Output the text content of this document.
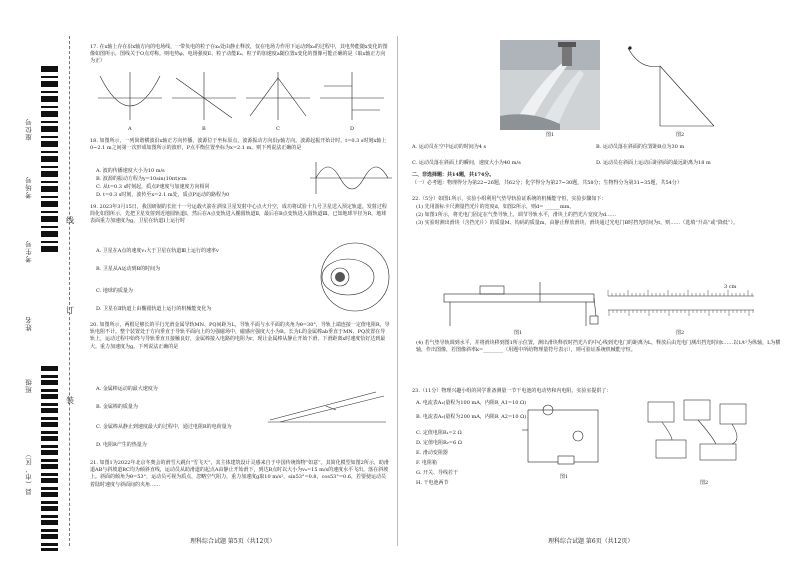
座位号
考场号
考生号
姓名
班级
县（市、区）
线
订
装
17. 在x轴上存在沿x轴方向的电场线，一带负电的粒子在x₀处由静止释放，仅在电场力作用下运动到x₀的过程中，其电势能随x变化的图像如图所示，图线关于O点对称。则电势φ、电场强度E、粒子动能Eₖ、粒子的加速度a随位置x变化的图像可能正确的是（取x轴正方向为正）
A	B	C	D
18. 如图所示，一列简谐横波沿x轴正方向传播，波源位于坐标原点，波源振动方向沿y轴方向。波源起振开始计时，t=0.3 s时刻x轴上0~2.1 m之间第一次形成如图所示的波形，P点平衡位置坐标为x=2.1 m。则下列说法正确的是
A. 波的传播速度大小为10 m/s
B. 波源的振动方程为y=10sin(10πt)cm
C. 从t=0.3 s时刻起，质点P速度与加速度方向相同
D. t=0.3 s时刻，波传至x=2.1 m处，质点P运动的路程为0
19. 2023年3月15日，我国研制的长征十一号运载火箭在酒泉卫星发射中心点火升空，成功将试验十九号卫星送入预定轨道。发射过程简化如图所示，先把卫星发射到近地圆轨道Ⅰ，然后在A点变轨进入椭圆轨道Ⅱ，最后在B点变轨进入圆轨道Ⅲ。已知地球半径为R，地球表面重力加速度为g，卫星在轨道Ⅰ上运行时
A. 卫星在A点的速度v₁大于卫星在轨道Ⅲ上运行的速率v
B. 卫星从A运动到B的时间为
C. 地球的质量为
D. 卫星在Ⅱ轨道上由椭圆轨道上运行的机械能变化为
20. 如图所示，两根足够长的平行光滑金属导轨MN、PQ间距为L，导轨平面与水平面的夹角为θ=30°，导轨上端连接一定值电阻R，导轨电阻不计。整个装置处于方向垂直于导轨平面向上的匀强磁场中，磁感应强度大小为B。长为L的金属棒ab垂直于MN、PQ放置在导轨上，运动过程中始终与导轨垂直且接触良好，金属棒接入电路的电阻为r，现让金属棒从静止开始下滑，下滑距离x时速度恰好达到最大。重力加速度为g。下列说法正确的是
A. 金属棒运动的最大速度为
B. 金属棒的质量为
C. 金属棒从静止到速度最大的过程中，通过电阻R的电荷量为
D. 电阻R产生的热量为
21. 如图1为2022年北京冬奥会的滑雪大跳台“雪飞天”，其主体建筑设计灵感来自于中国传统饰物“如意”。其简化模型如图2所示，助滑道AB与斜坡道BC均为倾斜直线，运动员从助滑道的起点A由静止开始滑下，到达B点时以大小为v₀=15 m/s的速度水平飞出，落在斜坡上。斜面的倾角为θ=53°，运动员可视为质点，忽略空气阻力，重力加速度g取10 m/s²，sin53°=0.8，cos53°=0.6，若要使运动员着陆时速度与斜面间的夹角……
理科综合试题 第5页（共12页）
图1	图2
A. 运动员在空中运动的时间为4 s	B. 运动员落在斜面的位置距B点为30 m
C. 运动员落在斜面上的瞬间，速度大小为40 m/s	D. 运动员在斜面上运动后距斜面的最远距离为18 m
二、非选择题：共14题，共174分。
（一）必考题：物理得分为第22~26题，共62分；化学得分为第27~30题，共58分；生物得分为第31~35题，共54分）
22.（5分）如图1所示，实验小组利用气垫导轨验证系统的机械能守恒，实验步骤如下：
(1) 先用游标卡尺测量挡光片的宽度d，如图2所示，则d= ______mm。
(2) 如图1所示，将光电门固定在气垫导轨上，调节导轨水平，滑块上的挡光片宽度为d……
(3) 实验时测出滑块（含挡光片）的质量M、钩码的质量m，由静止释放滑块，滑块通过光电门B时挡光时间为t，则……（选填“升高”或“降低”）。
图1
3 cm
图2
(4) 若气垫导轨调到水平，并将滑块移到图1所示位置，测出滑块释放时挡光片的中心线到光电门的距离为L，释放后由光电门测出挡光时间t……以1/t²为纵轴，L为横轴，作出图像，若图像斜率k=________（用题中所给物理量符号表示），则可验证系统机械能守恒。
23.（11分）物理兴趣小组的同学准备测量一节干电池的电动势和内电阻，实验室提供了：
A. 电流表A₁(量程为100 mA，内阻R_A1=10 Ω)
B. 电流表A₂(量程为200 mA，内阻R_A2=10 Ω)
C. 定值电阻R₁=2 Ω
D. 定值电阻R₂=6 Ω
E. 滑动变阻器
F. 电阻箱
G. 开关、导线若干
H. 干电池两节
图1
图2
理科综合试题 第6页（共12页）
